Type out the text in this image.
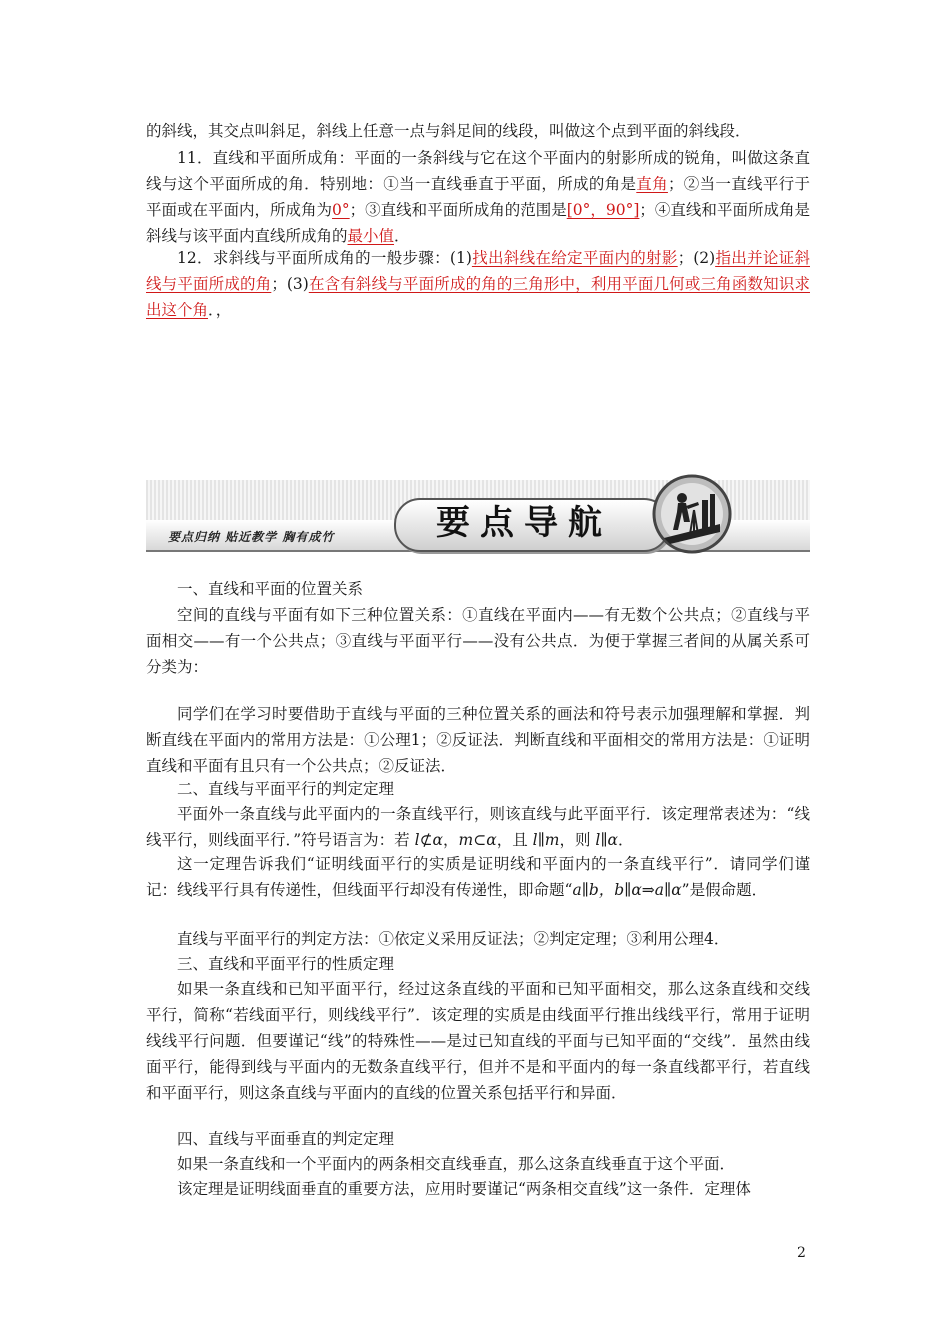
的斜线，其交点叫斜足，斜线上任意一点与斜足间的线段，叫做这个点到平面的斜线段．

11．直线和平面所成角：平面的一条斜线与它在这个平面内的射影所成的锐角，叫做这条直线与这个平面所成的角．特别地：①当一直线垂直于平面，所成的角是直角；②当一直线平行于平面或在平面内，所成角为0°；③直线和平面所成角的范围是[0°，90°]；④直线和平面所成角是斜线与该平面内直线所成角的最小值．

12．求斜线与平面所成角的一般步骤：(1)找出斜线在给定平面内的射影；(2)指出并论证斜线与平面所成的角；(3)在含有斜线与平面所成的角的三角形中，利用平面几何或三角函数知识求出这个角．，

要点归纳 贴近教学 胸有成竹	要点导航

一、直线和平面的位置关系

空间的直线与平面有如下三种位置关系：①直线在平面内——有无数个公共点；②直线与平面相交——有一个公共点；③直线与平面平行——没有公共点．为便于掌握三者间的从属关系可分类为：

同学们在学习时要借助于直线与平面的三种位置关系的画法和符号表示加强理解和掌握．判断直线在平面内的常用方法是：①公理1；②反证法．判断直线和平面相交的常用方法是：①证明直线和平面有且只有一个公共点；②反证法．

二、直线与平面平行的判定定理

平面外一条直线与此平面内的一条直线平行，则该直线与此平面平行．该定理常表述为：“线线平行，则线面平行．”符号语言为：若 l⊄α，m⊂α，且 l∥m，则 l∥α．

这一定理告诉我们“证明线面平行的实质是证明线和平面内的一条直线平行”．请同学们谨记：线线平行具有传递性，但线面平行却没有传递性，即命题“a∥b，b∥α⇒a∥α”是假命题．

直线与平面平行的判定方法：①依定义采用反证法；②判定定理；③利用公理4．

三、直线和平面平行的性质定理

如果一条直线和已知平面平行，经过这条直线的平面和已知平面相交，那么这条直线和交线平行，简称“若线面平行，则线线平行”．该定理的实质是由线面平行推出线线平行，常用于证明线线平行问题．但要谨记“线”的特殊性——是过已知直线的平面与已知平面的“交线”．虽然由线面平行，能得到线与平面内的无数条直线平行，但并不是和平面内的每一条直线都平行，若直线和平面平行，则这条直线与平面内的直线的位置关系包括平行和异面．

四、直线与平面垂直的判定定理

如果一条直线和一个平面内的两条相交直线垂直，那么这条直线垂直于这个平面．

该定理是证明线面垂直的重要方法，应用时要谨记“两条相交直线”这一条件．定理体

2
